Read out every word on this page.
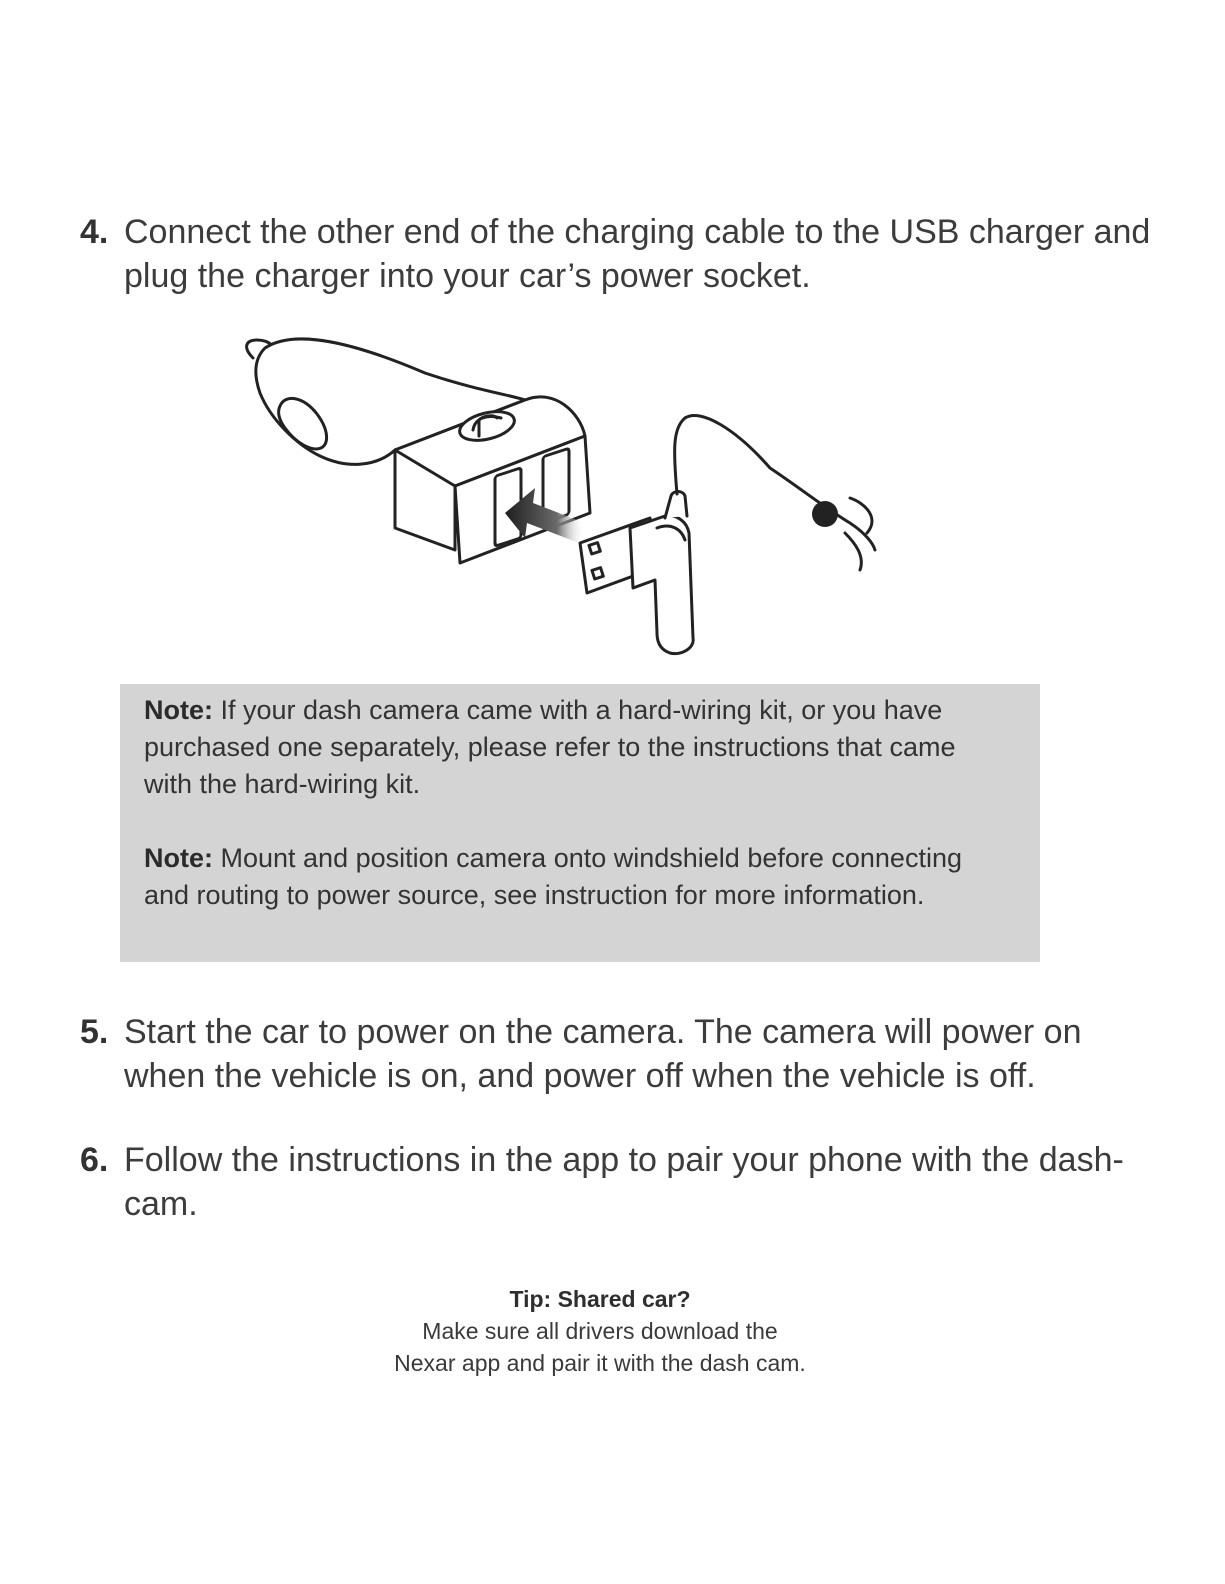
4. Connect the other end of the charging cable to the USB charger and plug the charger into your car’s power socket.
Note: If your dash camera came with a hard-wiring kit, or you have purchased one separately, please refer to the instructions that came with the hard-wiring kit.
Note: Mount and position camera onto windshield before connecting and routing to power source, see instruction for more information.
5. Start the car to power on the camera. The camera will power on when the vehicle is on, and power off when the vehicle is off.
6. Follow the instructions in the app to pair your phone with the dash- cam.
Tip: Shared car?
Make sure all drivers download the
Nexar app and pair it with the dash cam.
